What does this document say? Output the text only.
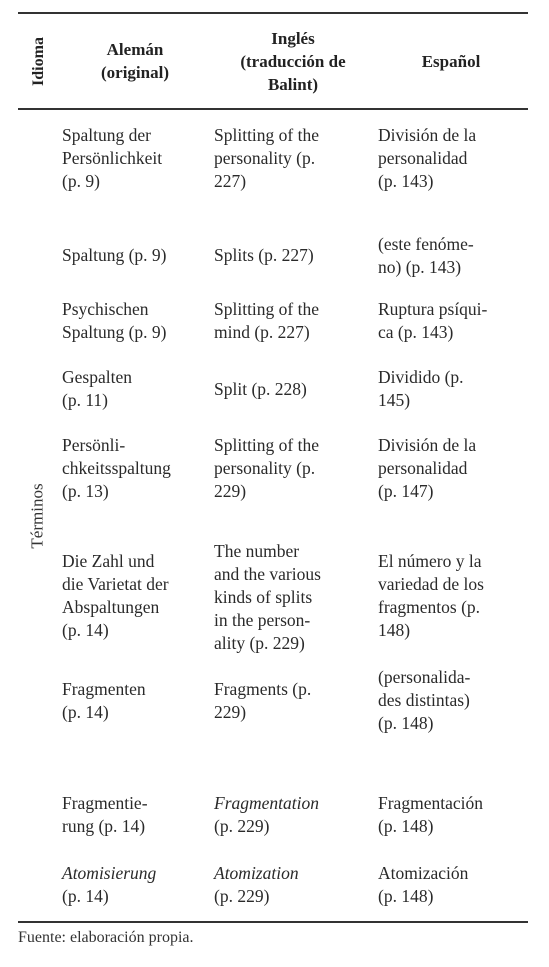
Idioma	Alemán
(original)
Inglés
(traducción de
Balint)
Español
Términos
Spaltung der
Persönlichkeit
(p. 9)
Splitting of the
personality (p.
227)
División de la
personalidad
(p. 143)
Spaltung (p. 9)	Splits (p. 227)
(este fenóme-
no) (p. 143)
Psychischen
Spaltung (p. 9)
Splitting of the
mind (p. 227)
Ruptura psíqui-
ca (p. 143)
Gespalten
(p. 11)
Split (p. 228)
Dividido (p.
145)
Persönli-
chkeitsspaltung
(p. 13)
Splitting of the
personality (p.
229)
División de la
personalidad
(p. 147)
Die Zahl und
die Varietat der
Abspaltungen
(p. 14)
The number
and the various
kinds of splits
in the person-
ality (p. 229)
El número y la
variedad de los
fragmentos (p.
148)
Fragmenten
(p. 14)
Fragments (p.
229)
(personalida-
des distintas)
(p. 148)
Fragmentie-
rung (p. 14)
Fragmentation
(p. 229)
Fragmentación
(p. 148)
Atomisierung
(p. 14)
Atomization
(p. 229)
Atomización
(p. 148)
Fuente: elaboración propia.
